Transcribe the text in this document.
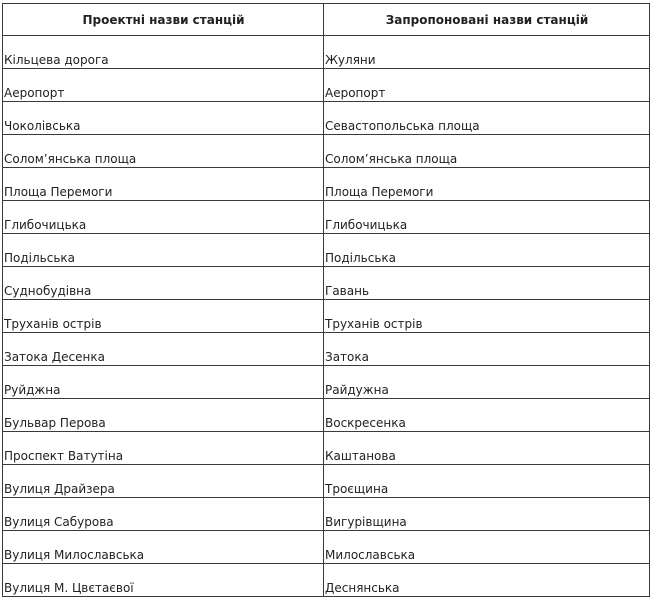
Проектні назви станцій	Запропоновані назви станцій
Кільцева дорога	Жуляни
Аеропорт	Аеропорт
Чоколівська	Севастопольська площа
Солом’янська площа	Солом’янська площа
Площа Перемоги	Площа Перемоги
Глибочицька	Глибочицька
Подільська	Подільська
Суднобудівна	Гавань
Труханів острів	Труханів острів
Затока Десенка	Затока
Руйджна	Райдужна
Бульвар Перова	Воскресенка
Проспект Ватутіна	Каштанова
Вулиця Драйзера	Троєщина
Вулиця Сабурова	Вигурівщина
Вулиця Милославська	Милославська
Вулиця М. Цвєтаєвої	Деснянська
